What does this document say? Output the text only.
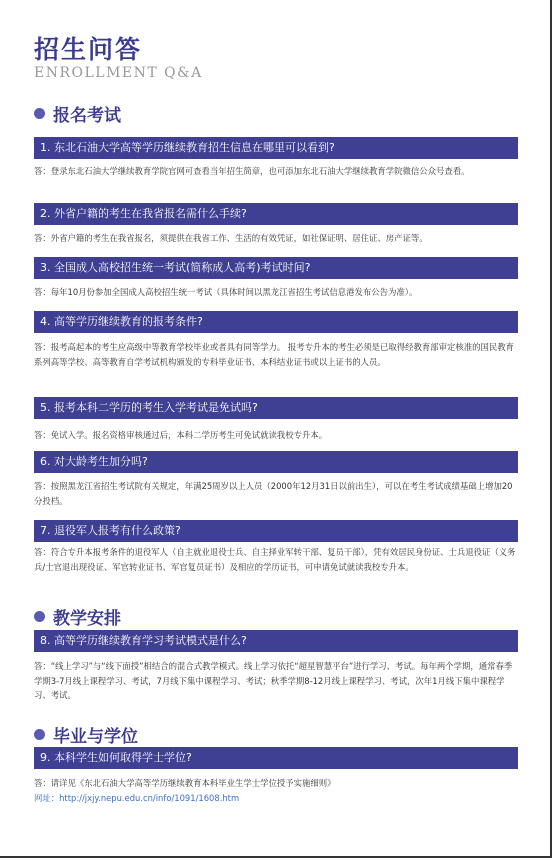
招生问答
ENROLLMENT Q&A
报名考试
1. 东北石油大学高等学历继续教育招生信息在哪里可以看到?
答：登录东北石油大学继续教育学院官网可查看当年招生简章，也可添加东北石油大学继续教育学院微信公众号查看。
2. 外省户籍的考生在我省报名需什么手续?
答：外省户籍的考生在我省报名，须提供在我省工作、生活的有效凭证，如社保证明、居住证、房产证等。
3. 全国成人高校招生统一考试(简称成人高考)考试时间?
答：每年10月份参加全国成人高校招生统一考试（具体时间以黑龙江省招生考试信息港发布公告为准）。
4. 高等学历继续教育的报考条件?
答：报考高起本的考生应高级中等教育学校毕业或者具有同等学力。 报考专升本的考生必须是已取得经教育部审定核准的国民教育系列高等学校、高等教育自学考试机构颁发的专科毕业证书、本科结业证书或以上证书的人员。
5. 报考本科二学历的考生入学考试是免试吗?
答：免试入学。报名资格审核通过后，本科二学历考生可免试就读我校专升本。
6. 对大龄考生加分吗?
答：按照黑龙江省招生考试院有关规定，年满25周岁以上人员（2000年12月31日以前出生），可以在考生考试成绩基础上增加20分投档。
7. 退役军人报考有什么政策?
答：符合专升本报考条件的退役军人（自主就业退役士兵、自主择业军转干部、复员干部），凭有效居民身份证、士兵退役证（义务兵/士官退出现役证、军官转业证书、军官复员证书）及相应的学历证书，可申请免试就读我校专升本。
教学安排
8. 高等学历继续教育学习考试模式是什么?
答：“线上学习”与“线下面授”相结合的混合式教学模式。线上学习依托“超星智慧平台”进行学习、考试。每年两个学期，通常春季学期3-7月线上课程学习、考试，7月线下集中课程学习、考试；秋季学期8-12月线上课程学习、考试，次年1月线下集中课程学习、考试。
毕业与学位
9. 本科学生如何取得学士学位?
答：请详见《东北石油大学高等学历继续教育本科毕业生学士学位授予实施细则》
网址：http://jxjy.nepu.edu.cn/info/1091/1608.htm
